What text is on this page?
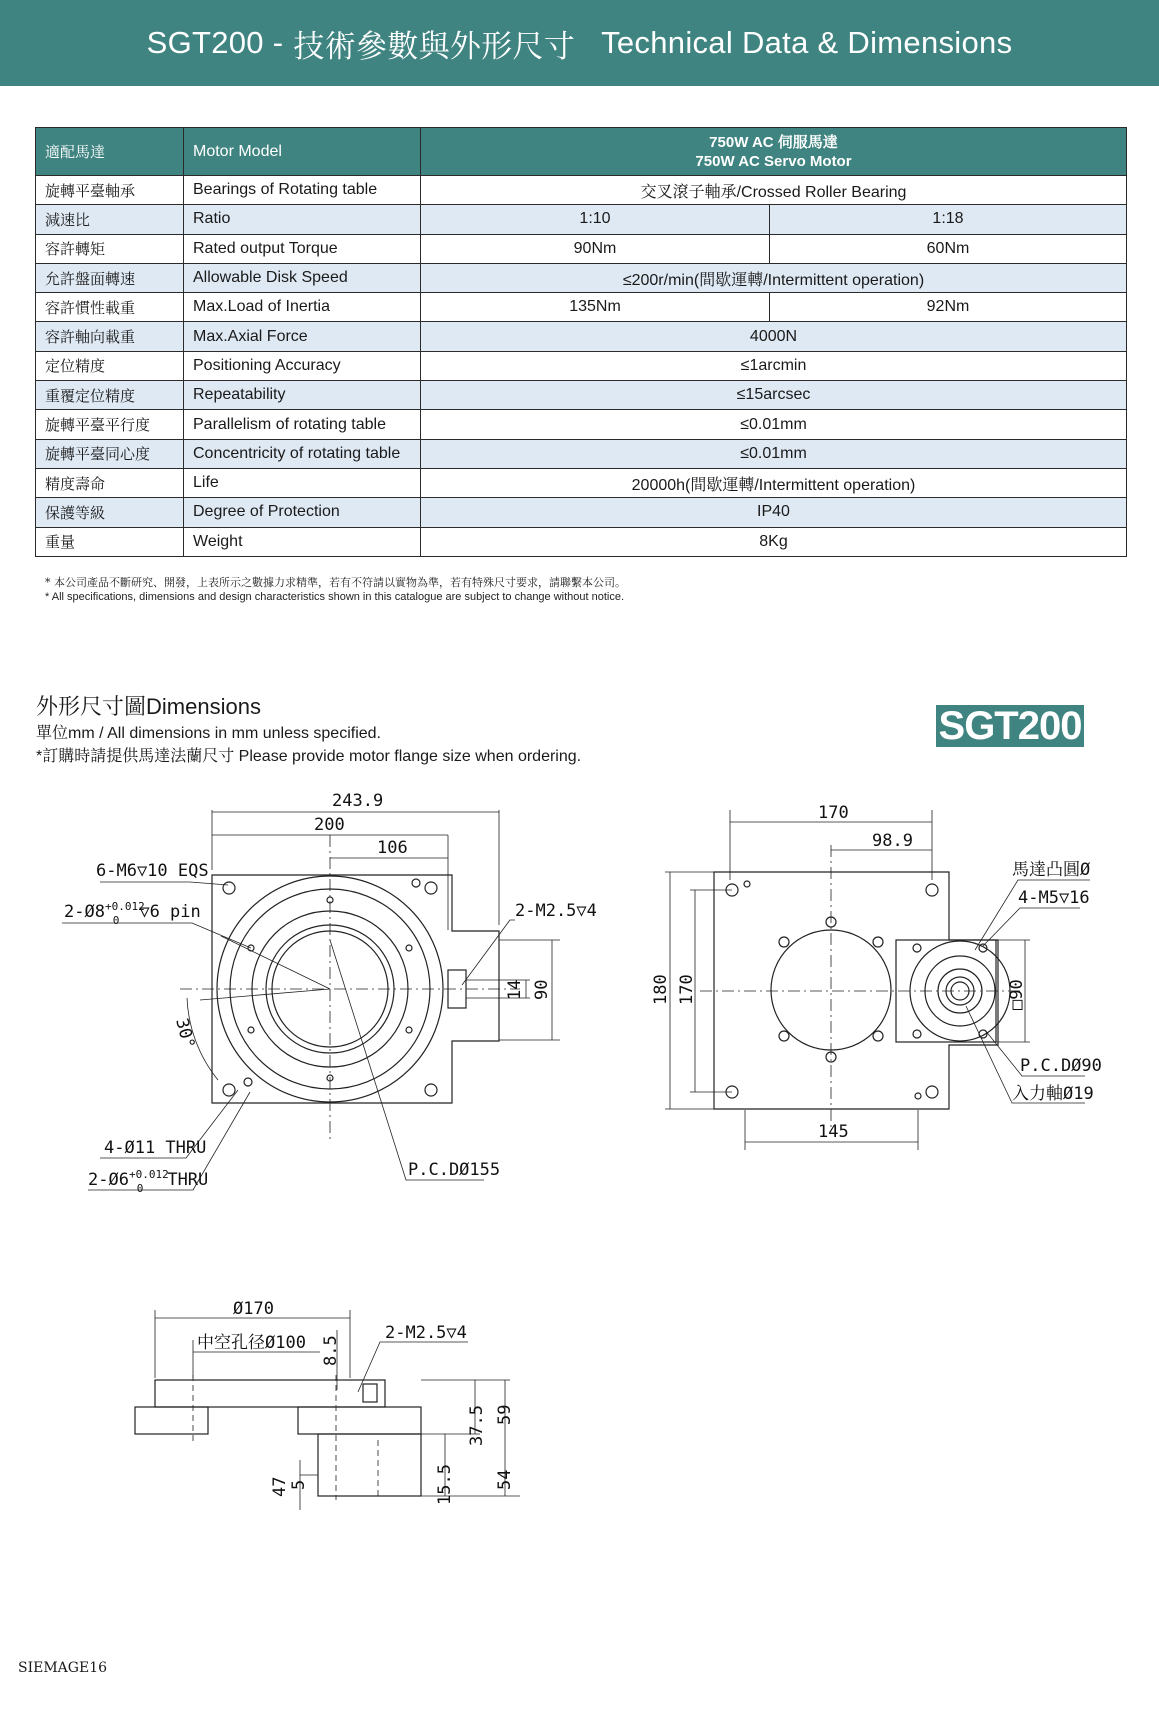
SGT200 - 技術參數與外形尺寸 Technical Data & Dimensions
適配馬達	Motor Model	750W AC 伺服馬達
750W AC Servo Motor	

旋轉平臺軸承	Bearings of Rotating table	交叉滾子軸承/Crossed Roller Bearing	
減速比	Ratio	1:10	1:18
容許轉矩	Rated output Torque	90Nm	60Nm
允許盤面轉速	Allowable Disk Speed	≤200r/min(間歇運轉/Intermittent operation)	
容許慣性載重	Max.Load of Inertia	135Nm	92Nm
容許軸向載重	Max.Axial Force	4000N	
定位精度	Positioning Accuracy	≤1arcmin	
重覆定位精度	Repeatability	≤15arcsec	
旋轉平臺平行度	Parallelism of rotating table	≤0.01mm	
旋轉平臺同心度	Concentricity of rotating table	≤0.01mm	
精度壽命	Life	20000h(間歇運轉/Intermittent operation)	
保護等級	Degree of Protection	IP40	
重量	Weight	8Kg	
* 本公司產品不斷研究、開發，上表所示之數據力求精準，若有不符請以實物為準，若有特殊尺寸要求，請聯繫本公司。
* All specifications, dimensions and design characteristics shown in this catalogue are subject to change without notice.
外形尺寸圖Dimensions
單位mm / All dimensions in mm unless specified.
*訂購時請提供馬達法蘭尺寸 Please provide motor flange size when ordering.
SGT200
243.9
200
106
6-M6▽10 EQS
$2-Ø8^{+0.012}$ 0 ▽6 pin	2-M2.5▽4
14 90
30°
4-Ø11 THRU
$2-Ø6^{+0.012}$ 0 THRU	P.C.DØ155
170
98.9
馬達凸圓Ø
4-M5▽16
180 170	□90
P.C.DØ90
入力軸Ø19
145
Ø170
中空孔径Ø100 8.5
2-M2.5▽4
37.5 59
47 5	15.5 54
SIEMAGE16
